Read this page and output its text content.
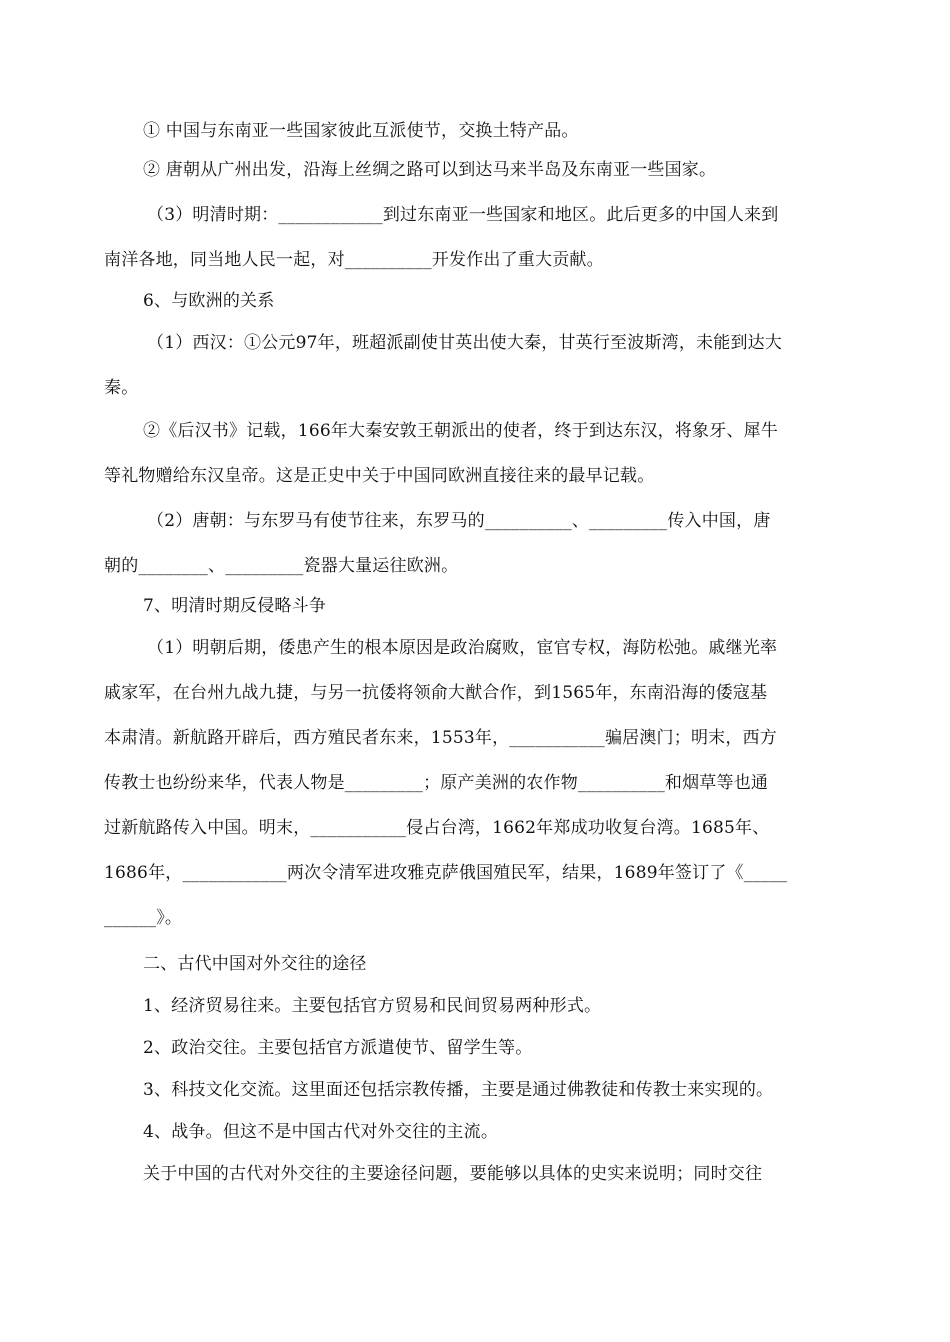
① 中国与东南亚一些国家彼此互派使节，交换土特产品。
② 唐朝从广州出发，沿海上丝绸之路可以到达马来半岛及东南亚一些国家。
（3）明清时期：____________到过东南亚一些国家和地区。此后更多的中国人来到
南洋各地，同当地人民一起，对__________开发作出了重大贡献。
6、与欧洲的关系
（1）西汉：①公元97年，班超派副使甘英出使大秦，甘英行至波斯湾，未能到达大
秦。
②《后汉书》记载，166年大秦安敦王朝派出的使者，终于到达东汉，将象牙、犀牛
等礼物赠给东汉皇帝。这是正史中关于中国同欧洲直接往来的最早记载。
（2）唐朝：与东罗马有使节往来，东罗马的__________、_________传入中国，唐
朝的________、_________瓷器大量运往欧洲。
7、明清时期反侵略斗争
（1）明朝后期，倭患产生的根本原因是政治腐败，宦官专权，海防松弛。戚继光率
戚家军，在台州九战九捷，与另一抗倭将领俞大猷合作，到1565年，东南沿海的倭寇基
本肃清。新航路开辟后，西方殖民者东来，1553年，___________骗居澳门；明末，西方
传教士也纷纷来华，代表人物是_________；原产美洲的农作物__________和烟草等也通
过新航路传入中国。明末，___________侵占台湾，1662年郑成功收复台湾。1685年、
1686年，____________两次令清军进攻雅克萨俄国殖民军，结果，1689年签订了《_____
______》。
二、古代中国对外交往的途径
1、经济贸易往来。主要包括官方贸易和民间贸易两种形式。
2、政治交往。主要包括官方派遣使节、留学生等。
3、科技文化交流。这里面还包括宗教传播，主要是通过佛教徒和传教士来实现的。
4、战争。但这不是中国古代对外交往的主流。
关于中国的古代对外交往的主要途径问题，要能够以具体的史实来说明；同时交往
